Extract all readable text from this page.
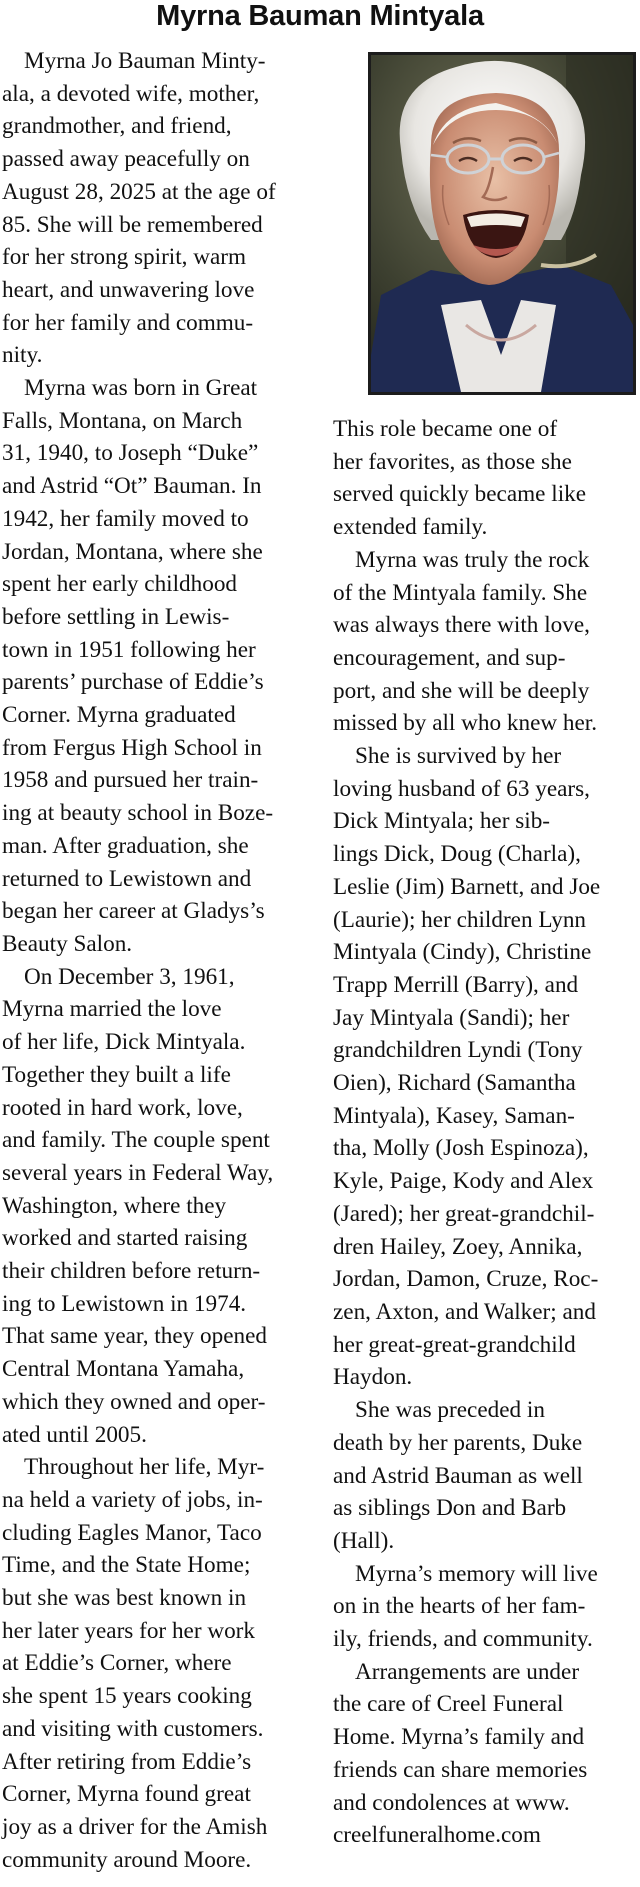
Myrna Bauman Mintyala

Myrna Jo Bauman Minty-
ala, a devoted wife, mother,
grandmother, and friend,
passed away peacefully on
August 28, 2025 at the age of
85. She will be remembered
for her strong spirit, warm
heart, and unwavering love
for her family and commu-
nity.

Myrna was born in Great
Falls, Montana, on March
31, 1940, to Joseph “Duke”
and Astrid “Ot” Bauman. In
1942, her family moved to
Jordan, Montana, where she
spent her early childhood
before settling in Lewis-
town in 1951 following her
parents’ purchase of Eddie’s
Corner. Myrna graduated
from Fergus High School in
1958 and pursued her train-
ing at beauty school in Boze-
man. After graduation, she
returned to Lewistown and
began her career at Gladys’s
Beauty Salon.

On December 3, 1961,
Myrna married the love
of her life, Dick Mintyala.
Together they built a life
rooted in hard work, love,
and family. The couple spent
several years in Federal Way,
Washington, where they
worked and started raising
their children before return-
ing to Lewistown in 1974.
That same year, they opened
Central Montana Yamaha,
which they owned and oper-
ated until 2005.

Throughout her life, Myr-
na held a variety of jobs, in-
cluding Eagles Manor, Taco
Time, and the State Home;
but she was best known in
her later years for her work
at Eddie’s Corner, where
she spent 15 years cooking
and visiting with customers.
After retiring from Eddie’s
Corner, Myrna found great
joy as a driver for the Amish
community around Moore.

This role became one of
her favorites, as those she
served quickly became like
extended family.

Myrna was truly the rock
of the Mintyala family. She
was always there with love,
encouragement, and sup-
port, and she will be deeply
missed by all who knew her.

She is survived by her
loving husband of 63 years,
Dick Mintyala; her sib-
lings Dick, Doug (Charla),
Leslie (Jim) Barnett, and Joe
(Laurie); her children Lynn
Mintyala (Cindy), Christine
Trapp Merrill (Barry), and
Jay Mintyala (Sandi); her
grandchildren Lyndi (Tony
Oien), Richard (Samantha
Mintyala), Kasey, Saman-
tha, Molly (Josh Espinoza),
Kyle, Paige, Kody and Alex
(Jared); her great-grandchil-
dren Hailey, Zoey, Annika,
Jordan, Damon, Cruze, Roc-
zen, Axton, and Walker; and
her great-great-grandchild
Haydon.

She was preceded in
death by her parents, Duke
and Astrid Bauman as well
as siblings Don and Barb
(Hall).

Myrna’s memory will live
on in the hearts of her fam-
ily, friends, and community.

Arrangements are under
the care of Creel Funeral
Home. Myrna’s family and
friends can share memories
and condolences at www.
creelfuneralhome.com
